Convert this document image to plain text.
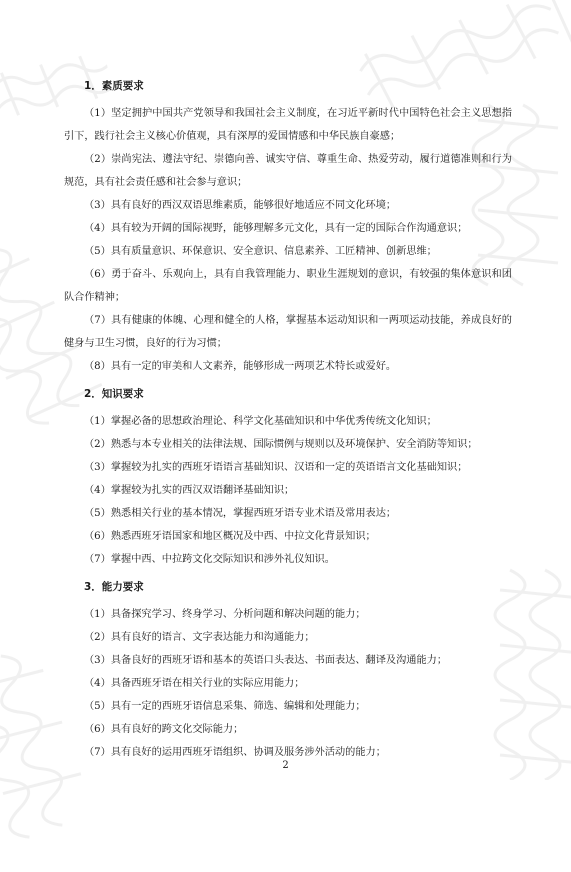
1．素质要求

（1）坚定拥护中国共产党领导和我国社会主义制度，在习近平新时代中国特色社会主义思想指引下，践行社会主义核心价值观，具有深厚的爱国情感和中华民族自豪感；

（2）崇尚宪法、遵法守纪、崇德向善、诚实守信、尊重生命、热爱劳动，履行道德准则和行为规范，具有社会责任感和社会参与意识；

（3）具有良好的西汉双语思维素质，能够很好地适应不同文化环境；

（4）具有较为开阔的国际视野，能够理解多元文化，具有一定的国际合作沟通意识；

（5）具有质量意识、环保意识、安全意识、信息素养、工匠精神、创新思维；

（6）勇于奋斗、乐观向上，具有自我管理能力、职业生涯规划的意识，有较强的集体意识和团队合作精神；

（7）具有健康的体魄、心理和健全的人格，掌握基本运动知识和一两项运动技能，养成良好的健身与卫生习惯，良好的行为习惯；

（8）具有一定的审美和人文素养，能够形成一两项艺术特长或爱好。

2．知识要求

（1）掌握必备的思想政治理论、科学文化基础知识和中华优秀传统文化知识；

（2）熟悉与本专业相关的法律法规、国际惯例与规则以及环境保护、安全消防等知识；

（3）掌握较为扎实的西班牙语语言基础知识、汉语和一定的英语语言文化基础知识；

（4）掌握较为扎实的西汉双语翻译基础知识；

（5）熟悉相关行业的基本情况，掌握西班牙语专业术语及常用表达；

（6）熟悉西班牙语国家和地区概况及中西、中拉文化背景知识；

（7）掌握中西、中拉跨文化交际知识和涉外礼仪知识。

3．能力要求

（1）具备探究学习、终身学习、分析问题和解决问题的能力；

（2）具有良好的语言、文字表达能力和沟通能力；

（3）具备良好的西班牙语和基本的英语口头表达、书面表达、翻译及沟通能力；

（4）具备西班牙语在相关行业的实际应用能力；

（5）具有一定的西班牙语信息采集、筛选、编辑和处理能力；

（6）具有良好的跨文化交际能力；

（7）具有良好的运用西班牙语组织、协调及服务涉外活动的能力；

2
